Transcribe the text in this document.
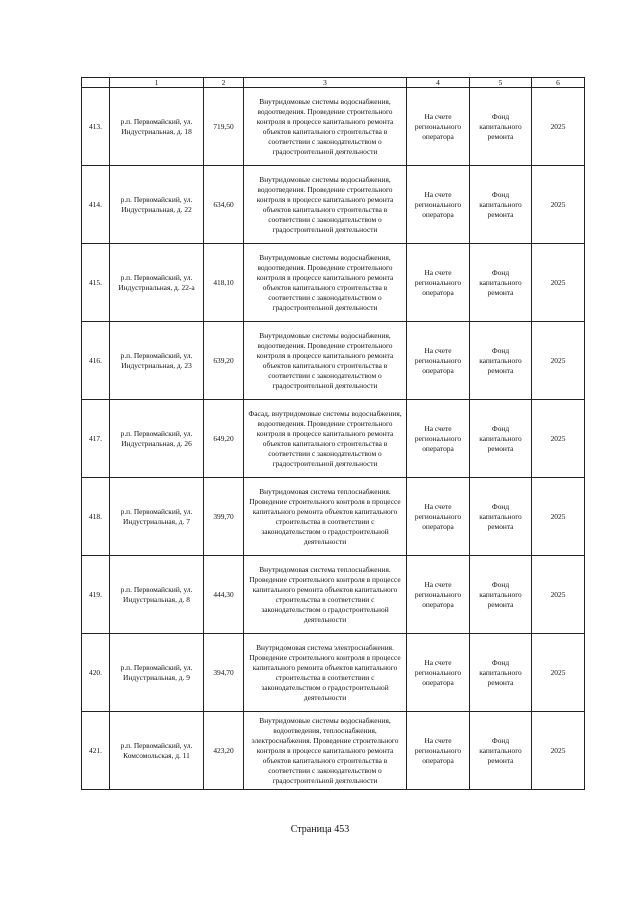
	1	2	3	4	5	6
413.	р.п. Первомайский, ул. Индустриальная, д. 18	719,50	Внутридомовые системы водоснабжения, водоотведения. Проведение строительного контроля в процессе капитального ремонта объектов капитального строительства в соответствии с законодательством о градостроительной деятельности	На счете регионального оператора	Фонд капитального ремонта	2025
414.	р.п. Первомайский, ул. Индустриальная, д. 22	634,60	Внутридомовые системы водоснабжения, водоотведения. Проведение строительного контроля в процессе капитального ремонта объектов капитального строительства в соответствии с законодательством о градостроительной деятельности	На счете регионального оператора	Фонд капитального ремонта	2025
415.	р.п. Первомайский, ул. Индустриальная, д. 22-а	418,10	Внутридомовые системы водоснабжения, водоотведения. Проведение строительного контроля в процессе капитального ремонта объектов капитального строительства в соответствии с законодательством о градостроительной деятельности	На счете регионального оператора	Фонд капитального ремонта	2025
416.	р.п. Первомайский, ул. Индустриальная, д. 23	639,20	Внутридомовые системы водоснабжения, водоотведения. Проведение строительного контроля в процессе капитального ремонта объектов капитального строительства в соответствии с законодательством о градостроительной деятельности	На счете регионального оператора	Фонд капитального ремонта	2025
417.	р.п. Первомайский, ул. Индустриальная, д. 26	649,20	Фасад, внутридомовые системы водоснабжения, водоотведения. Проведение строительного контроля в процессе капитального ремонта объектов капитального строительства в соответствии с законодательством о градостроительной деятельности	На счете регионального оператора	Фонд капитального ремонта	2025
418.	р.п. Первомайский, ул. Индустриальная, д. 7	399,70	Внутридомовая система теплоснабжения. Проведение строительного контроля в процессе капитального ремонта объектов капитального строительства в соответствии с законодательством о градостроительной деятельности	На счете регионального оператора	Фонд капитального ремонта	2025
419.	р.п. Первомайский, ул. Индустриальная, д. 8	444,30	Внутридомовая система теплоснабжения. Проведение строительного контроля в процессе капитального ремонта объектов капитального строительства в соответствии с законодательством о градостроительной деятельности	На счете регионального оператора	Фонд капитального ремонта	2025
420.	р.п. Первомайский, ул. Индустриальная, д. 9	394,70	Внутридомовая система электроснабжения. Проведение строительного контроля в процессе капитального ремонта объектов капитального строительства в соответствии с законодательством о градостроительной деятельности	На счете регионального оператора	Фонд капитального ремонта	2025
421.	р.п. Первомайский, ул. Комсомольская, д. 11	423,20	Внутридомовые системы водоснабжения, водоотведения, теплоснабжения, электроснабжения. Проведение строительного контроля в процессе капитального ремонта объектов капитального строительства в соответствии с законодательством о градостроительной деятельности	На счете регионального оператора	Фонд капитального ремонта	2025
Страница 453
